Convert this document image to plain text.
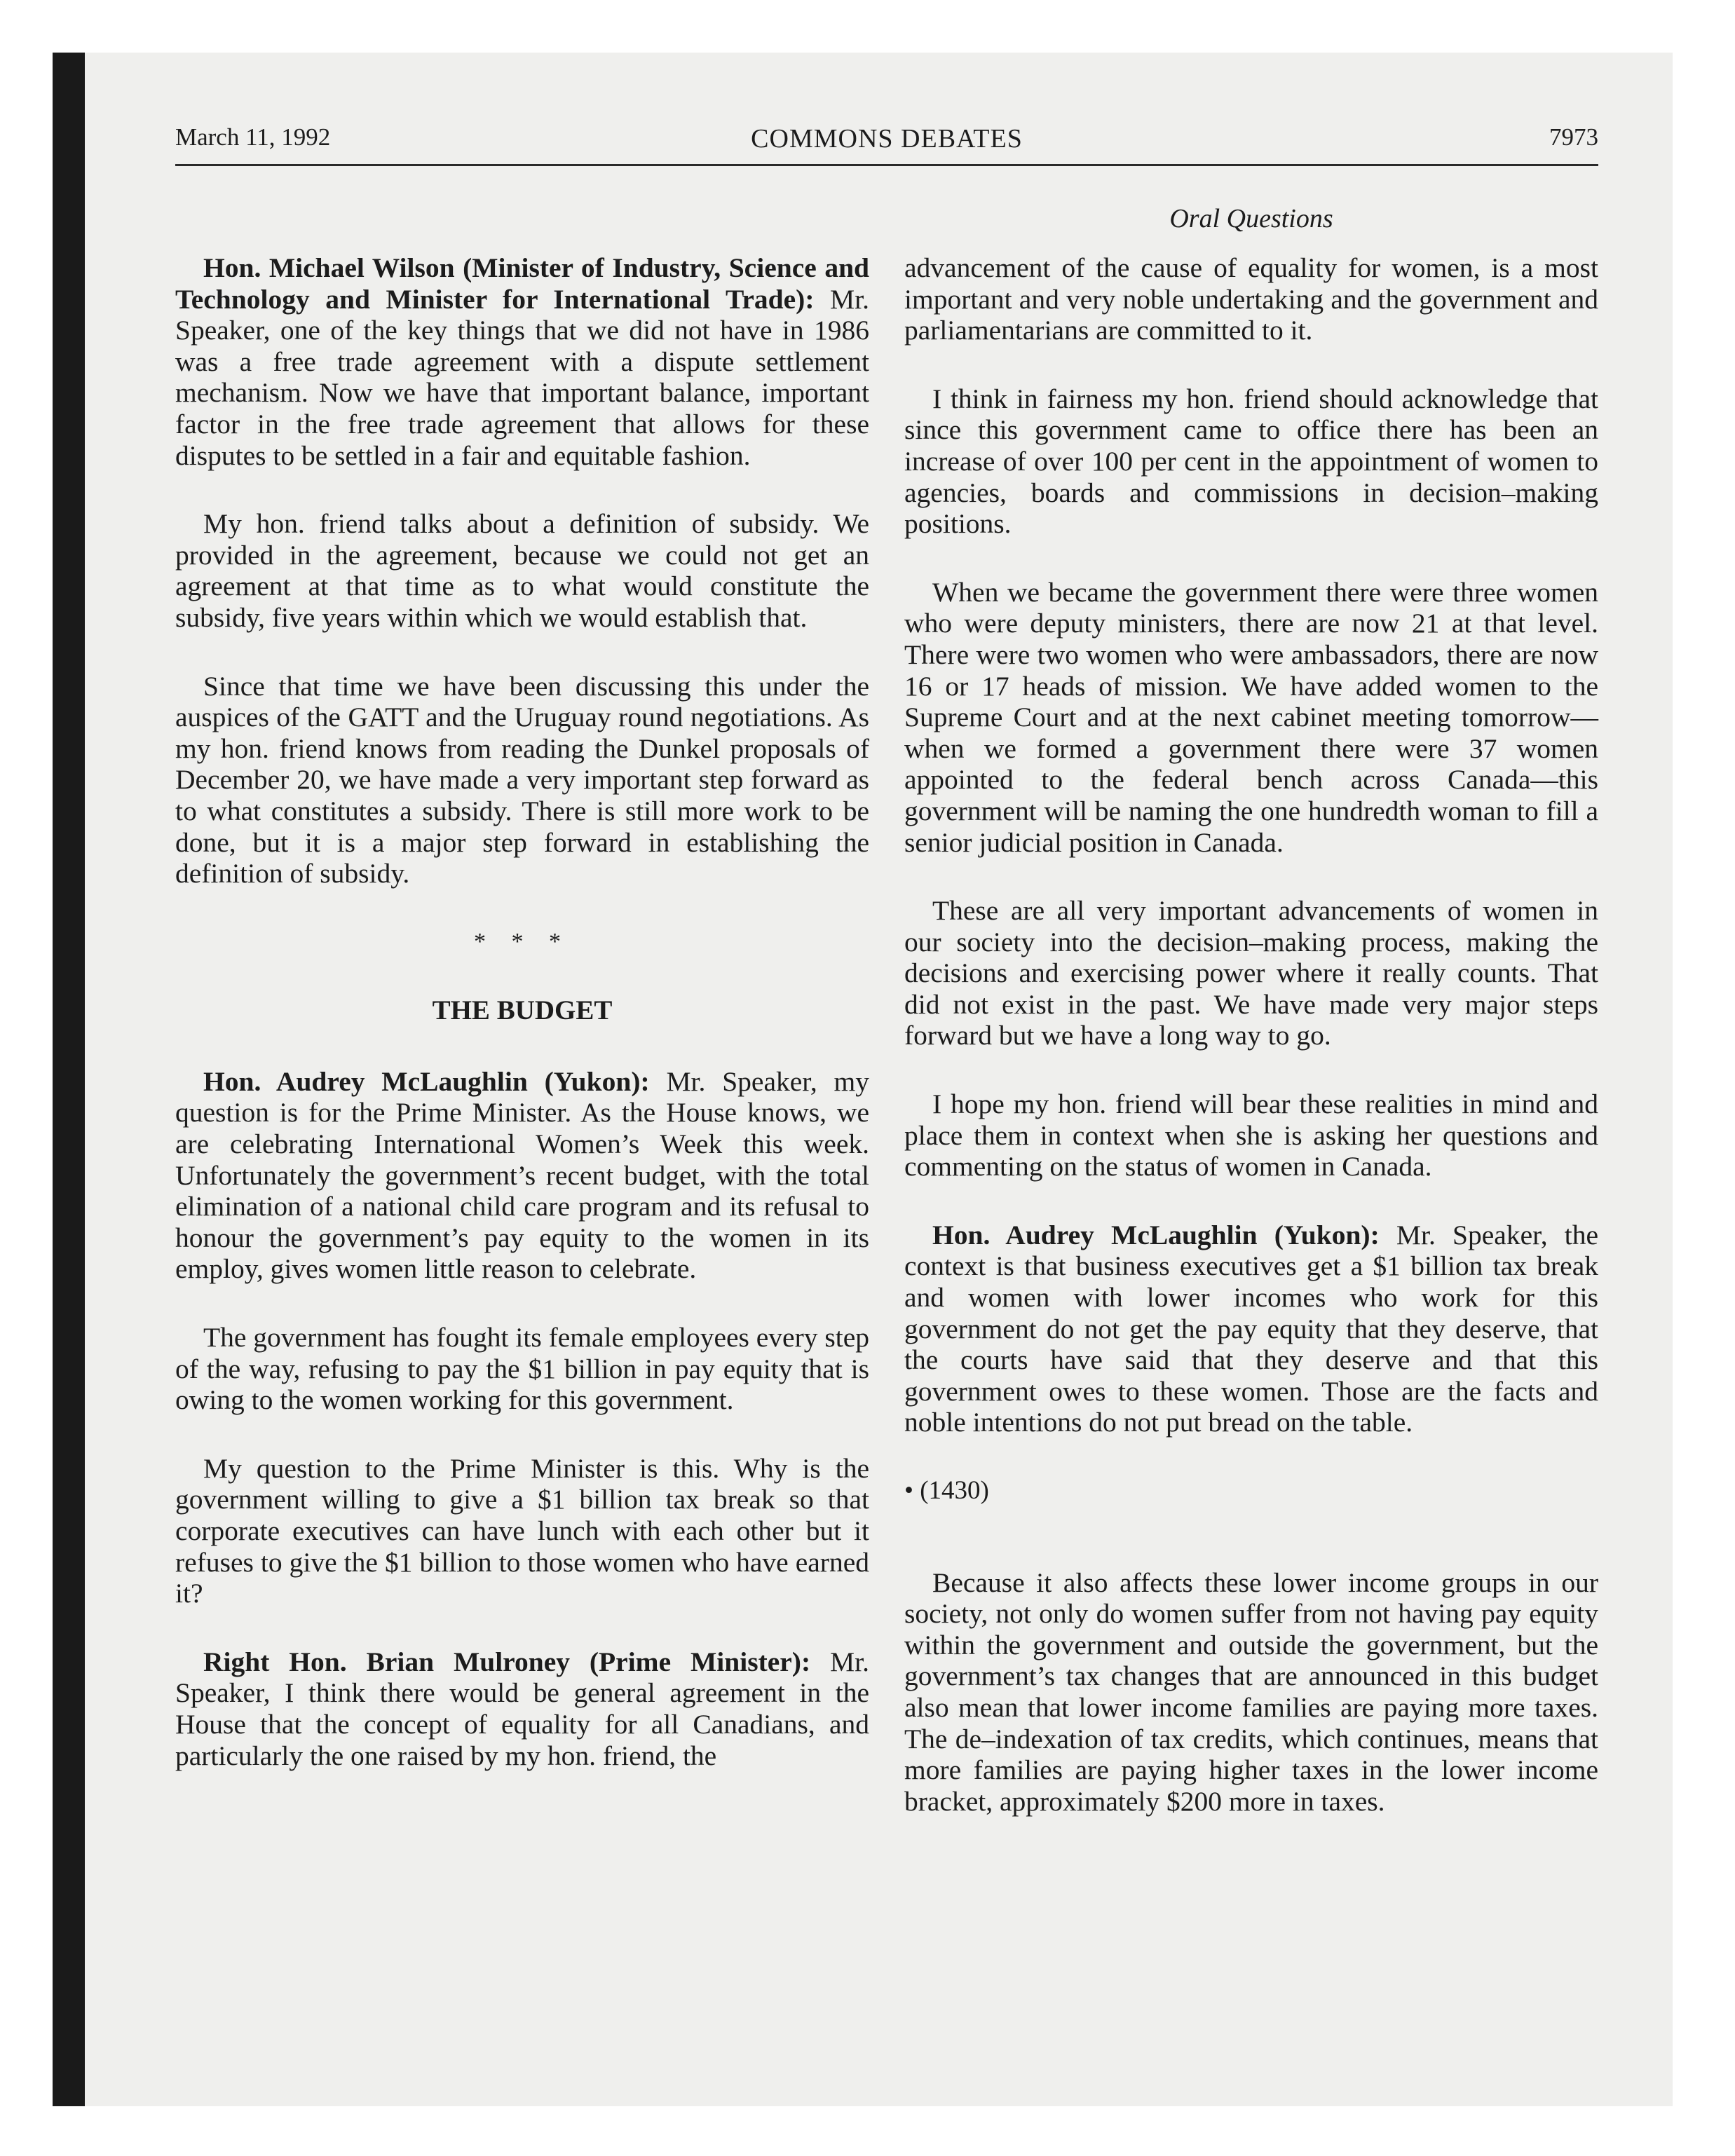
March 11, 1992	COMMONS DEBATES	7973
Oral Questions

Hon. Michael Wilson (Minister of Industry, Science and Technology and Minister for International Trade): Mr. Speaker, one of the key things that we did not have in 1986 was a free trade agreement with a dispute settlement mechanism. Now we have that important balance, important factor in the free trade agreement that allows for these disputes to be settled in a fair and equitable fashion.

My hon. friend talks about a definition of subsidy. We provided in the agreement, because we could not get an agreement at that time as to what would constitute the subsidy, five years within which we would establish that.

Since that time we have been discussing this under the auspices of the GATT and the Uruguay round negotiations. As my hon. friend knows from reading the Dunkel proposals of December 20, we have made a very important step forward as to what constitutes a subsidy. There is still more work to be done, but it is a major step forward in establishing the definition of subsidy.

* * *
THE BUDGET

Hon. Audrey McLaughlin (Yukon): Mr. Speaker, my question is for the Prime Minister. As the House knows, we are celebrating International Women’s Week this week. Unfortunately the government’s recent budget, with the total elimination of a national child care program and its refusal to honour the government’s pay equity to the women in its employ, gives women little reason to celebrate.

The government has fought its female employees every step of the way, refusing to pay the $1 billion in pay equity that is owing to the women working for this government.

My question to the Prime Minister is this. Why is the government willing to give a $1 billion tax break so that corporate executives can have lunch with each other but it refuses to give the $1 billion to those women who have earned it?

Right Hon. Brian Mulroney (Prime Minister): Mr. Speaker, I think there would be general agreement in the House that the concept of equality for all Canadians, and particularly the one raised by my hon. friend, the

advancement of the cause of equality for women, is a most important and very noble undertaking and the government and parliamentarians are committed to it.

I think in fairness my hon. friend should acknowledge that since this government came to office there has been an increase of over 100 per cent in the appointment of women to agencies, boards and commissions in decision–making positions.

When we became the government there were three women who were deputy ministers, there are now 21 at that level. There were two women who were ambassadors, there are now 16 or 17 heads of mission. We have added women to the Supreme Court and at the next cabinet meeting tomorrow—when we formed a government there were 37 women appointed to the federal bench across Canada—this government will be naming the one hundredth woman to fill a senior judicial position in Canada.

These are all very important advancements of women in our society into the decision–making process, making the decisions and exercising power where it really counts. That did not exist in the past. We have made very major steps forward but we have a long way to go.

I hope my hon. friend will bear these realities in mind and place them in context when she is asking her questions and commenting on the status of women in Canada.

Hon. Audrey McLaughlin (Yukon): Mr. Speaker, the context is that business executives get a $1 billion tax break and women with lower incomes who work for this government do not get the pay equity that they deserve, that the courts have said that they deserve and that this government owes to these women. Those are the facts and noble intentions do not put bread on the table.

• (1430)

Because it also affects these lower income groups in our society, not only do women suffer from not having pay equity within the government and outside the government, but the government’s tax changes that are announced in this budget also mean that lower income families are paying more taxes. The de–indexation of tax credits, which continues, means that more families are paying higher taxes in the lower income bracket, approximately $200 more in taxes.
